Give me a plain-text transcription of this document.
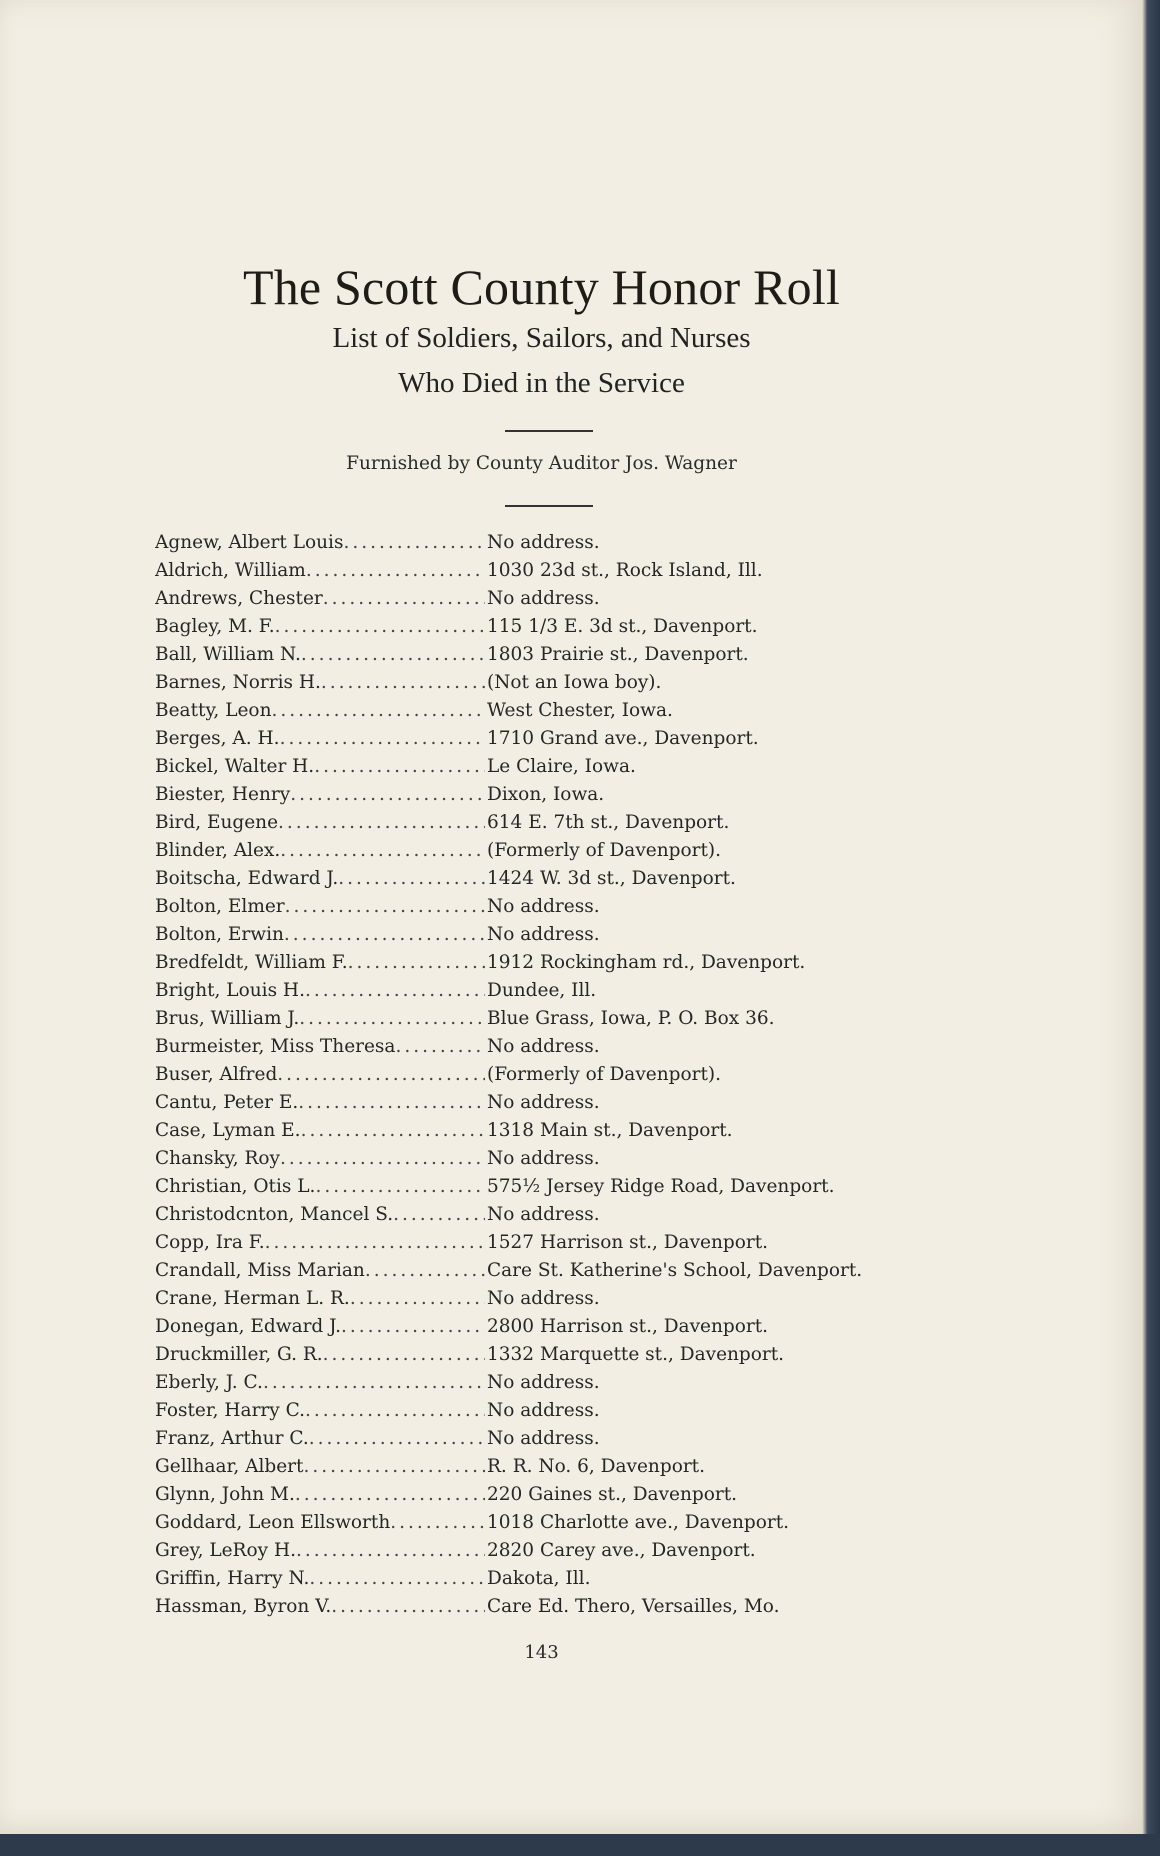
The Scott County Honor Roll
List of Soldiers, Sailors, and Nurses
Who Died in the Service
Furnished by County Auditor Jos. Wagner
Agnew, Albert Louis .....	No address.
Aldrich, William .....	1030 23d st., Rock Island, Ill.
Andrews, Chester .....	No address.
Bagley, M. F. .....	115 1/3 E. 3d st., Davenport.
Ball, William N. .....	1803 Prairie st., Davenport.
Barnes, Norris H. .....	(Not an Iowa boy).
Beatty, Leon .....	West Chester, Iowa.
Berges, A. H. .....	1710 Grand ave., Davenport.
Bickel, Walter H. .....	Le Claire, Iowa.
Biester, Henry .....	Dixon, Iowa.
Bird, Eugene .....	614 E. 7th st., Davenport.
Blinder, Alex. .....	(Formerly of Davenport).
Boitscha, Edward J. .....	1424 W. 3d st., Davenport.
Bolton, Elmer .....	No address.
Bolton, Erwin .....	No address.
Bredfeldt, William F. .....	1912 Rockingham rd., Davenport.
Bright, Louis H. .....	Dundee, Ill.
Brus, William J. .....	Blue Grass, Iowa, P. O. Box 36.
Burmeister, Miss Theresa .....	No address.
Buser, Alfred .....	(Formerly of Davenport).
Cantu, Peter E. .....	No address.
Case, Lyman E. .....	1318 Main st., Davenport.
Chansky, Roy .....	No address.
Christian, Otis L. .....	575½ Jersey Ridge Road, Davenport.
Christodcnton, Mancel S. .....	No address.
Copp, Ira F. .....	1527 Harrison st., Davenport.
Crandall, Miss Marian .....	Care St. Katherine's School, Davenport.
Crane, Herman L. R. .....	No address.
Donegan, Edward J. .....	2800 Harrison st., Davenport.
Druckmiller, G. R. .....	1332 Marquette st., Davenport.
Eberly, J. C. .....	No address.
Foster, Harry C. .....	No address.
Franz, Arthur C. .....	No address.
Gellhaar, Albert .....	R. R. No. 6, Davenport.
Glynn, John M. .....	220 Gaines st., Davenport.
Goddard, Leon Ellsworth .....	1018 Charlotte ave., Davenport.
Grey, LeRoy H. .....	2820 Carey ave., Davenport.
Griffin, Harry N. .....	Dakota, Ill.
Hassman, Byron V. .....	Care Ed. Thero, Versailles, Mo.
143
